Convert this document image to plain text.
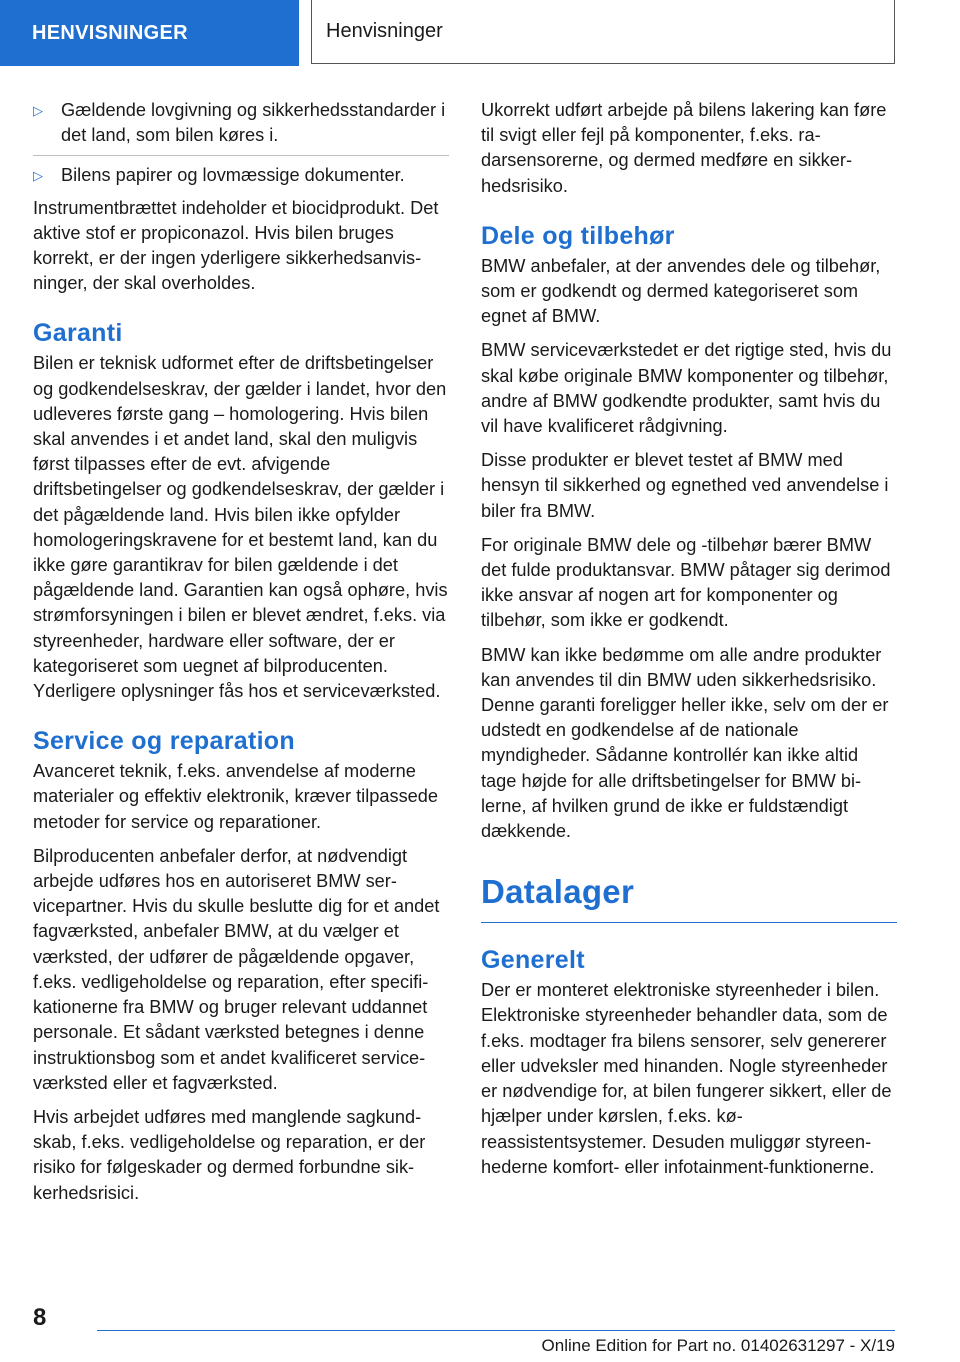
HENVISNINGER	Henvisninger
▷ Gældende lovgivning og sikkerhedsstandarder i det land, som bilen køres i.
▷ Bilens papirer og lovmæssige dokumenter.

Instrumentbrættet indeholder et biocidprodukt. Det aktive stof er propiconazol. Hvis bilen bruges korrekt, er der ingen yderligere sikkerhedsanvisninger, der skal overholdes.

Garanti

Bilen er teknisk udformet efter de driftsbetingelser og godkendelseskrav, der gælder i landet, hvor den udleveres første gang – homologering. Hvis bilen skal anvendes i et andet land, skal den muligvis først tilpasses efter de evt. afvigende driftsbetingelser og godkendelseskrav, der gælder i det pågældende land. Hvis bilen ikke opfylder homologeringskravene for et bestemt land, kan du ikke gøre garantikrav for bilen gældende i det pågældende land. Garantien kan også ophøre, hvis strømforsyningen i bilen er blevet ændret, f.eks. via styreenheder, hardware eller software, der er kategoriseret som uegnet af bilproducenten. Yderligere oplysninger fås hos et serviceværksted.

Service og reparation

Avanceret teknik, f.eks. anvendelse af moderne materialer og effektiv elektronik, kræver tilpassede metoder for service og reparationer.

Bilproducenten anbefaler derfor, at nødvendigt arbejde udføres hos en autoriseret BMW servicepartner. Hvis du skulle beslutte dig for et andet fagværksted, anbefaler BMW, at du vælger et værksted, der udfører de pågældende opgaver, f.eks. vedligeholdelse og reparation, efter specifikationerne fra BMW og bruger relevant uddannet personale. Et sådant værksted betegnes i denne instruktionsbog som et andet kvalificeret serviceværksted eller et fagværksted.

Hvis arbejdet udføres med manglende sagkundskab, f.eks. vedligeholdelse og reparation, er der risiko for følgeskader og dermed forbundne sikkerhedsrisici.

Ukorrekt udført arbejde på bilens lakering kan føre til svigt eller fejl på komponenter, f.eks. radarsensorerne, og dermed medføre en sikkerhedsrisiko.

Dele og tilbehør

BMW anbefaler, at der anvendes dele og tilbehør, som er godkendt og dermed kategoriseret som egnet af BMW.

BMW serviceværkstedet er det rigtige sted, hvis du skal købe originale BMW komponenter og tilbehør, andre af BMW godkendte produkter, samt hvis du vil have kvalificeret rådgivning.

Disse produkter er blevet testet af BMW med hensyn til sikkerhed og egnethed ved anvendelse i biler fra BMW.

For originale BMW dele og -tilbehør bærer BMW det fulde produktansvar. BMW påtager sig derimod ikke ansvar af nogen art for komponenter og tilbehør, som ikke er godkendt.

BMW kan ikke bedømme om alle andre produkter kan anvendes til din BMW uden sikkerhedsrisiko. Denne garanti foreligger heller ikke, selv om der er udstedt en godkendelse af de nationale myndigheder. Sådanne kontrollér kan ikke altid tage højde for alle driftsbetingelser for BMW bilerne, af hvilken grund de ikke er fuldstændigt dækkende.

Datalager
Generelt

Der er monteret elektroniske styreenheder i bilen. Elektroniske styreenheder behandler data, som de f.eks. modtager fra bilens sensorer, selv genererer eller udveksler med hinanden. Nogle styreenheder er nødvendige for, at bilen fungerer sikkert, eller de hjælper under kørslen, f.eks. køreassistentsystemer. Desuden muliggør styreenhederne komfort- eller infotainment-funktionerne.

8
Online Edition for Part no. 01402631297 - X/19
